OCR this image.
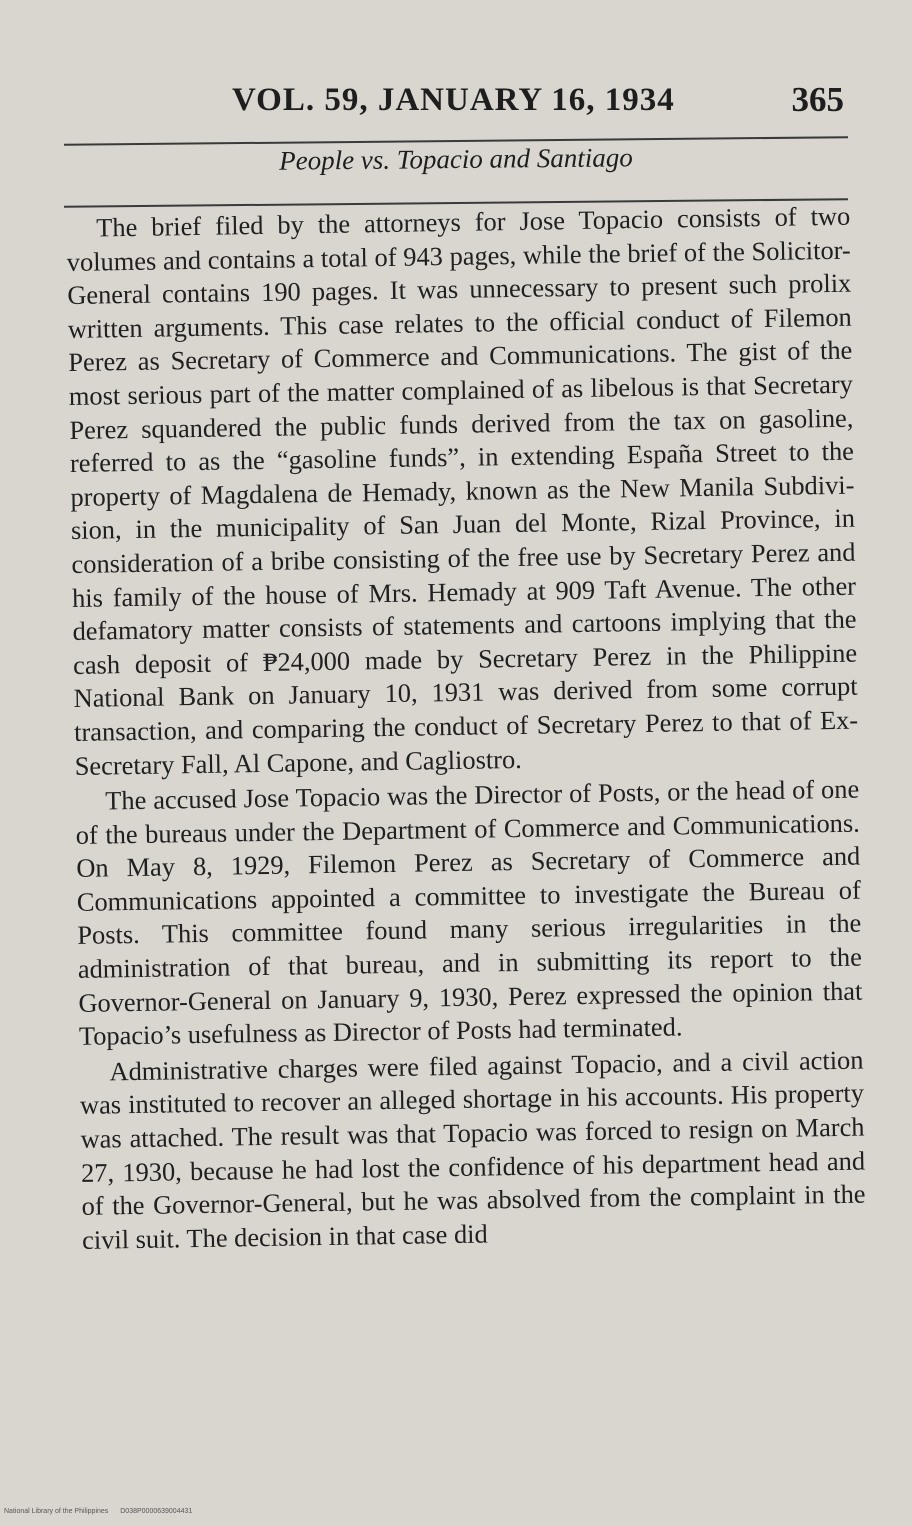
VOL. 59, JANUARY 16, 1934	365
People vs. Topacio and Santiago

The brief filed by the attorneys for Jose Topacio consists of two volumes and contains a total of 943 pages, while the brief of the Solicitor-General contains 190 pages. It was unnecessary to present such prolix written arguments. This case relates to the official conduct of Filemon Perez as Secretary of Commerce and Communications. The gist of the most serious part of the matter complained of as libelous is that Secretary Perez squandered the public funds derived from the tax on gasoline, referred to as the “gasoline funds”, in extending España Street to the property of Magdalena de Hemady, known as the New Manila Subdivision, in the municipality of San Juan del Monte, Rizal Province, in consideration of a bribe consisting of the free use by Secretary Perez and his family of the house of Mrs. Hemady at 909 Taft Avenue. The other defamatory matter consists of statements and cartoons implying that the cash deposit of ₱24,000 made by Secretary Perez in the Philippine National Bank on January 10, 1931 was derived from some corrupt transaction, and comparing the conduct of Secretary Perez to that of Ex-Secretary Fall, Al Capone, and Cagliostro.

The accused Jose Topacio was the Director of Posts, or the head of one of the bureaus under the Department of Commerce and Communications. On May 8, 1929, Filemon Perez as Secretary of Commerce and Communications appointed a committee to investigate the Bureau of Posts. This committee found many serious irregularities in the administration of that bureau, and in submitting its report to the Governor-General on January 9, 1930, Perez expressed the opinion that Topacio’s usefulness as Director of Posts had terminated.

Administrative charges were filed against Topacio, and a civil action was instituted to recover an alleged shortage in his accounts. His property was attached. The result was that Topacio was forced to resign on March 27, 1930, because he had lost the confidence of his department head and of the Governor-General, but he was absolved from the complaint in the civil suit. The decision in that case did

National Library of the Philippines D038P0000639004431
